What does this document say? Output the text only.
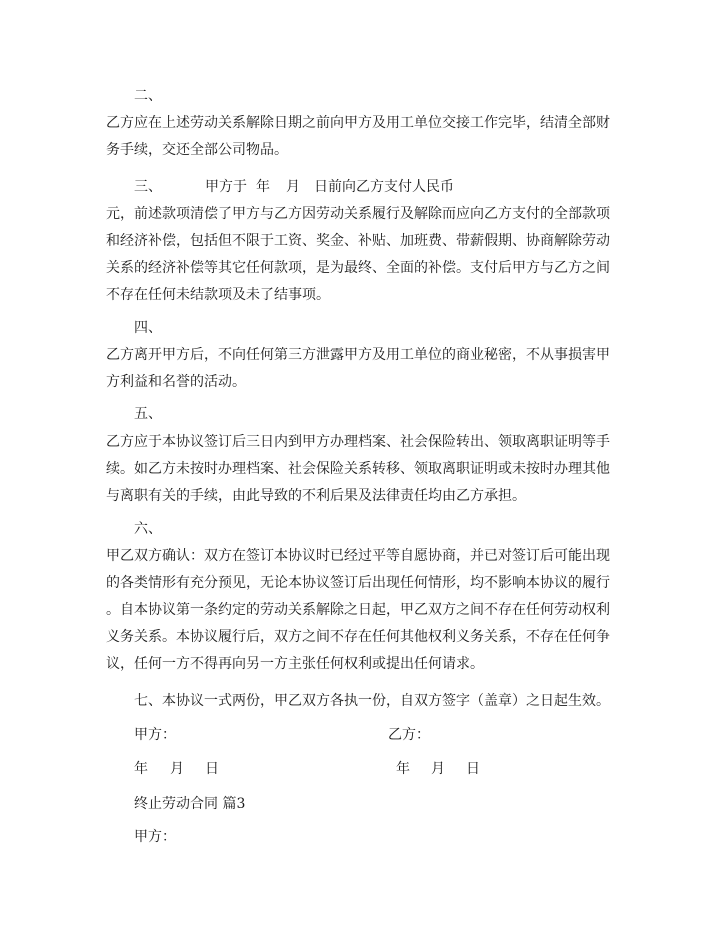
二、
乙方应在上述劳动关系解除日期之前向甲方及用工单位交接工作完毕，结清全部财
务手续，交还全部公司物品。
三、	甲方于 年 月 日前向乙方支付人民币
元，前述款项清偿了甲方与乙方因劳动关系履行及解除而应向乙方支付的全部款项
和经济补偿，包括但不限于工资、奖金、补贴、加班费、带薪假期、协商解除劳动
关系的经济补偿等其它任何款项，是为最终、全面的补偿。支付后甲方与乙方之间
不存在任何未结款项及未了结事项。
四、
乙方离开甲方后，不向任何第三方泄露甲方及用工单位的商业秘密，不从事损害甲
方利益和名誉的活动。
五、
乙方应于本协议签订后三日内到甲方办理档案、社会保险转出、领取离职证明等手
续。如乙方未按时办理档案、社会保险关系转移、领取离职证明或未按时办理其他
与离职有关的手续，由此导致的不利后果及法律责任均由乙方承担。
六、
甲乙双方确认：双方在签订本协议时已经过平等自愿协商，并已对签订后可能出现
的各类情形有充分预见，无论本协议签订后出现任何情形，均不影响本协议的履行
。自本协议第一条约定的劳动关系解除之日起，甲乙双方之间不存在任何劳动权利
义务关系。本协议履行后，双方之间不存在任何其他权利义务关系，不存在任何争
议，任何一方不得再向另一方主张任何权利或提出任何请求。
七、本协议一式两份，甲乙双方各执一份，自双方签字（盖章）之日起生效。
甲方：	乙方：
年 月 日	年 月 日
终止劳动合同 篇3
甲方：
